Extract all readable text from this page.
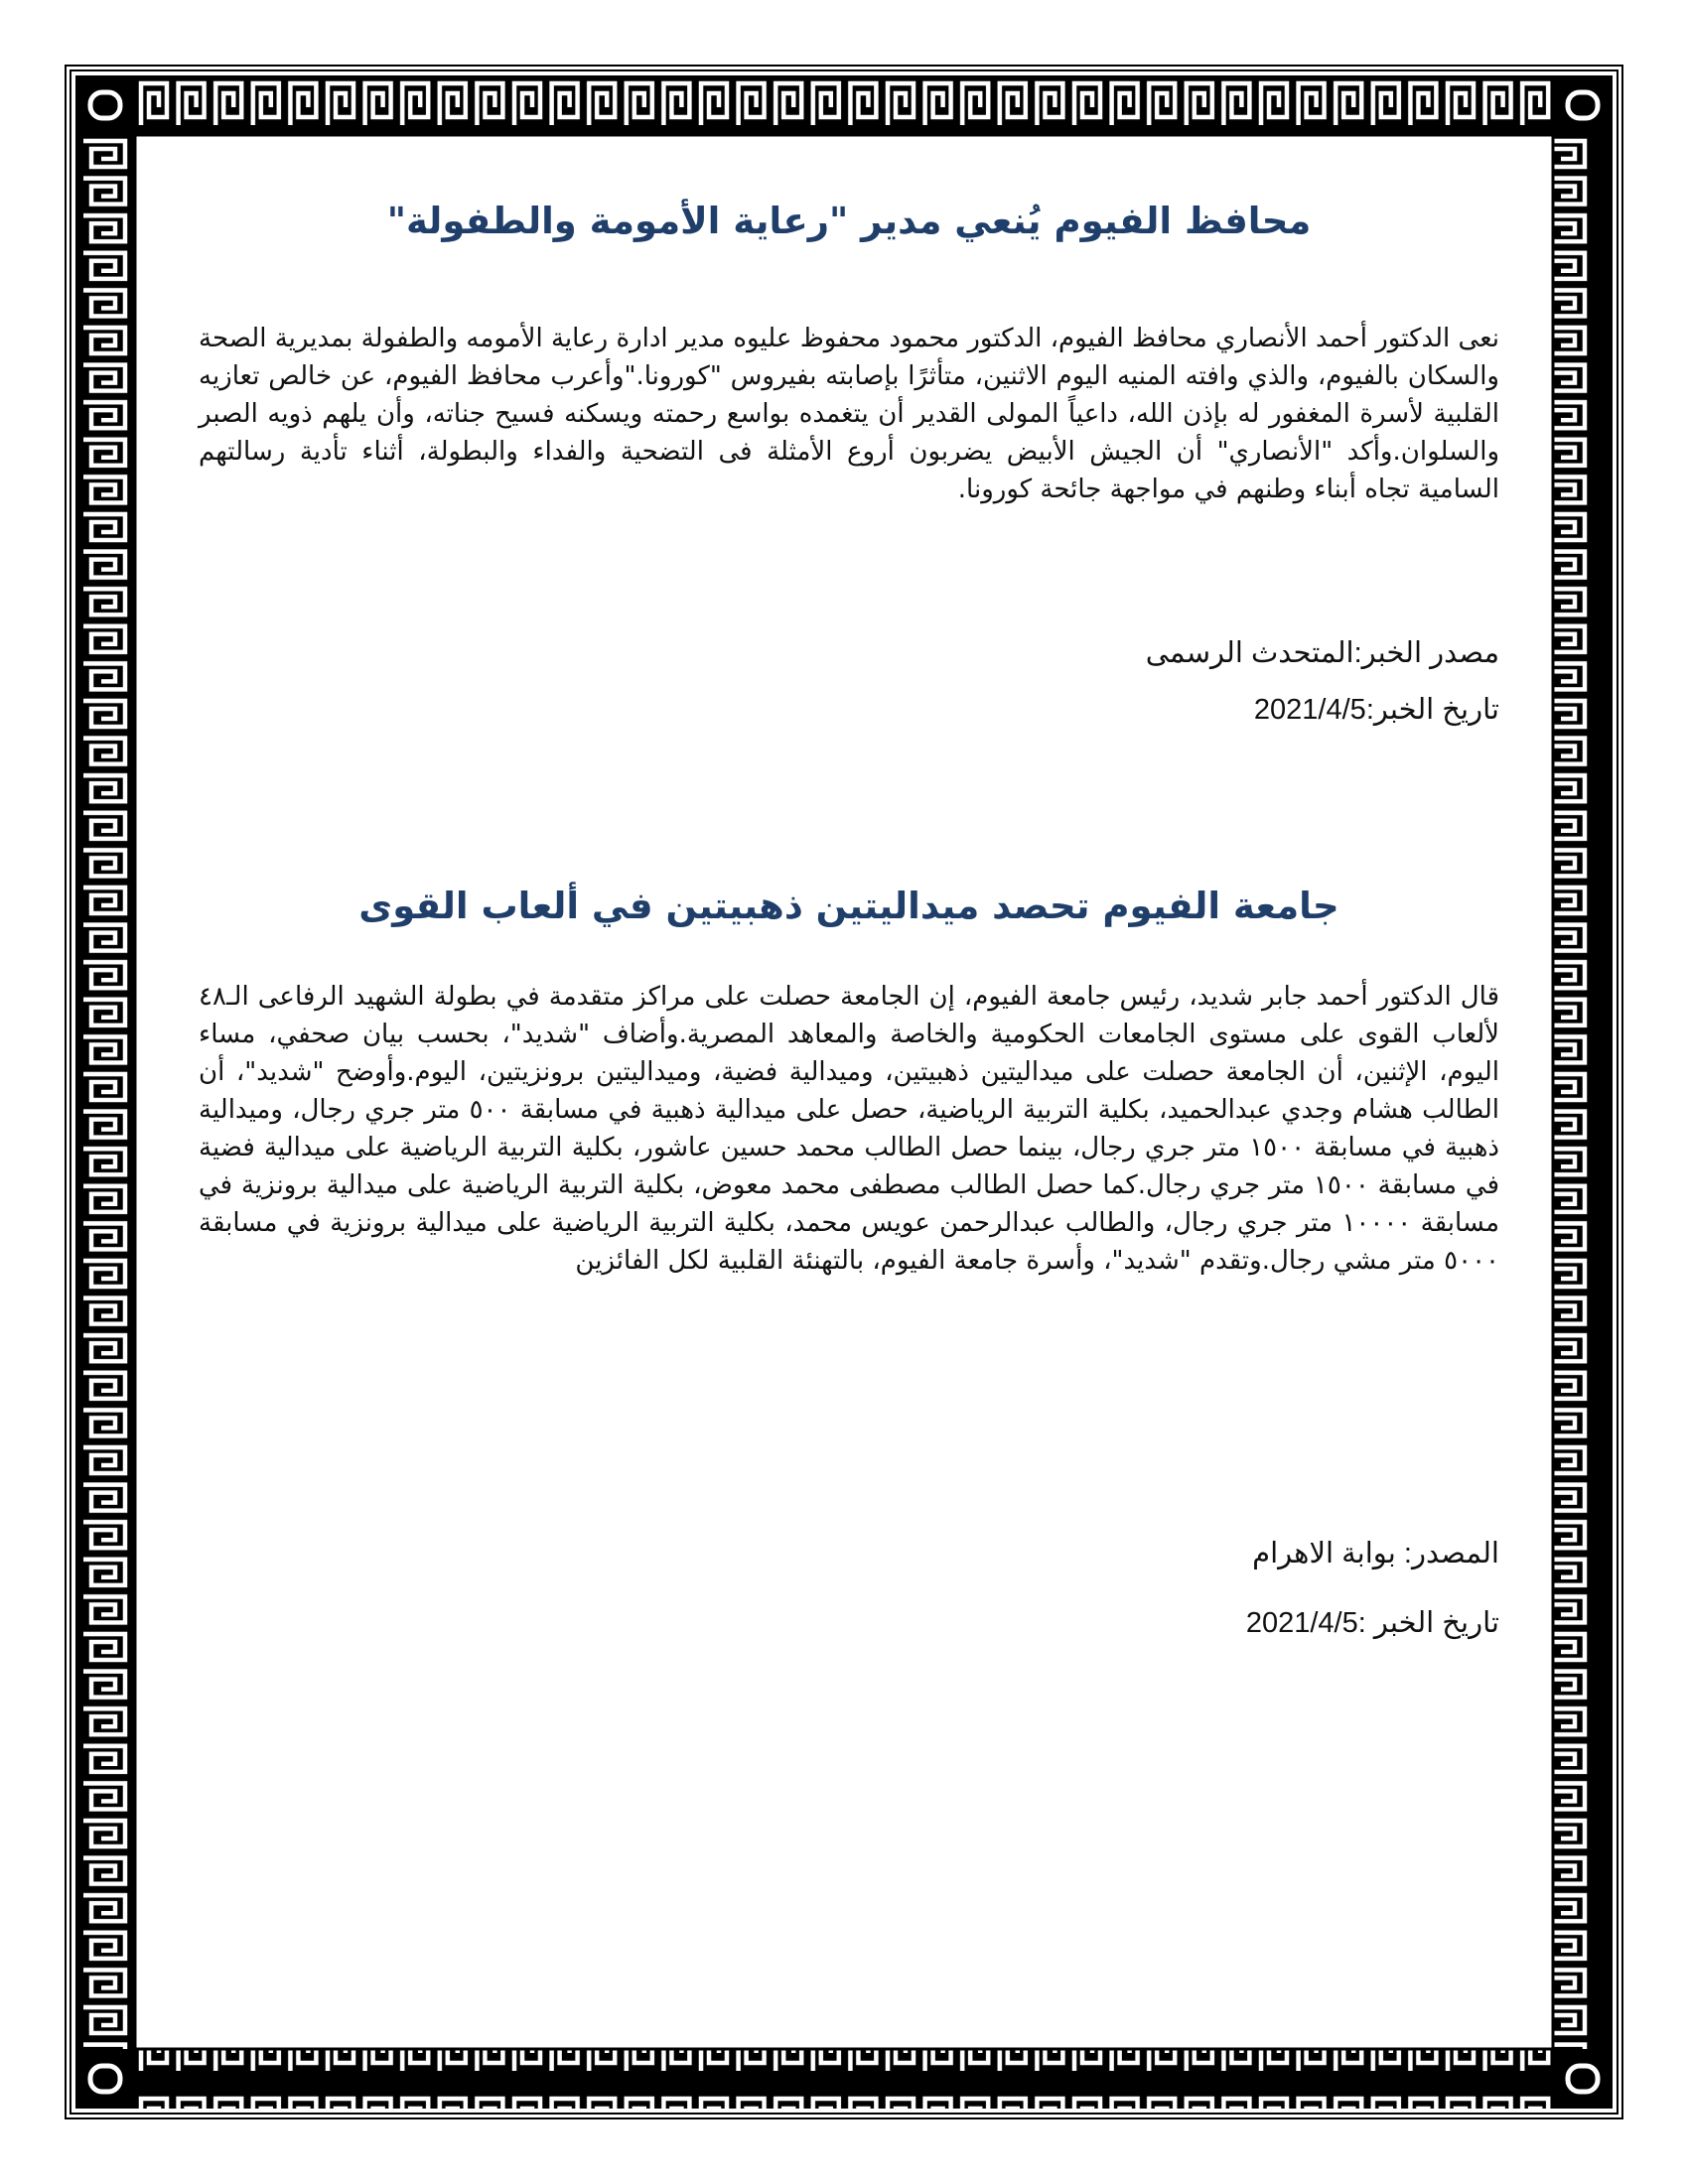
محافظ الفيوم يُنعي مدير "رعاية الأمومة والطفولة"

نعى الدكتور أحمد الأنصاري محافظ الفيوم، الدكتور محمود محفوظ عليوه مدير ادارة رعاية الأمومه والطفولة بمديرية الصحة والسكان بالفيوم، والذي وافته المنيه اليوم الاثنين، متأثرًا بإصابته بفيروس "كورونا."وأعرب محافظ الفيوم، عن خالص تعازيه القلبية لأسرة المغفور له بإذن الله، داعياً المولى القدير أن يتغمده بواسع رحمته ويسكنه فسيح جناته، وأن يلهم ذويه الصبر والسلوان.وأكد "الأنصاري" أن الجيش الأبيض يضربون أروع الأمثلة فى التضحية والفداء والبطولة، أثناء تأدية رسالتهم السامية تجاه أبناء وطنهم في مواجهة جائحة كورونا.

مصدر الخبر:المتحدث الرسمى

تاريخ الخبر:2021/4/5

جامعة الفيوم تحصد ميداليتين ذهبيتين في ألعاب القوى

قال الدكتور أحمد جابر شديد، رئيس جامعة الفيوم، إن الجامعة حصلت على مراكز متقدمة في بطولة الشهيد الرفاعى الـ٤٨ لألعاب القوى على مستوى الجامعات الحكومية والخاصة والمعاهد المصرية.وأضاف "شديد"، بحسب بيان صحفي، مساء اليوم، الإثنين، أن الجامعة حصلت على ميداليتين ذهبيتين، وميدالية فضية، وميداليتين برونزيتين، اليوم.وأوضح "شديد"، أن الطالب هشام وجدي عبدالحميد، بكلية التربية الرياضية، حصل على ميدالية ذهبية في مسابقة ٥٠٠ متر جري رجال، وميدالية ذهبية في مسابقة ١٥٠٠ متر جري رجال، بينما حصل الطالب محمد حسين عاشور، بكلية التربية الرياضية على ميدالية فضية في مسابقة ١٥٠٠ متر جري رجال.كما حصل الطالب مصطفى محمد معوض، بكلية التربية الرياضية على ميدالية برونزية في مسابقة ١٠٠٠٠ متر جري رجال، والطالب عبدالرحمن عويس محمد، بكلية التربية الرياضية على ميدالية برونزية في مسابقة ٥٠٠٠ متر مشي رجال.وتقدم "شديد"، وأسرة جامعة الفيوم، بالتهنئة القلبية لكل الفائزين

المصدر: بوابة الاهرام

تاريخ الخبر :2021/4/5
